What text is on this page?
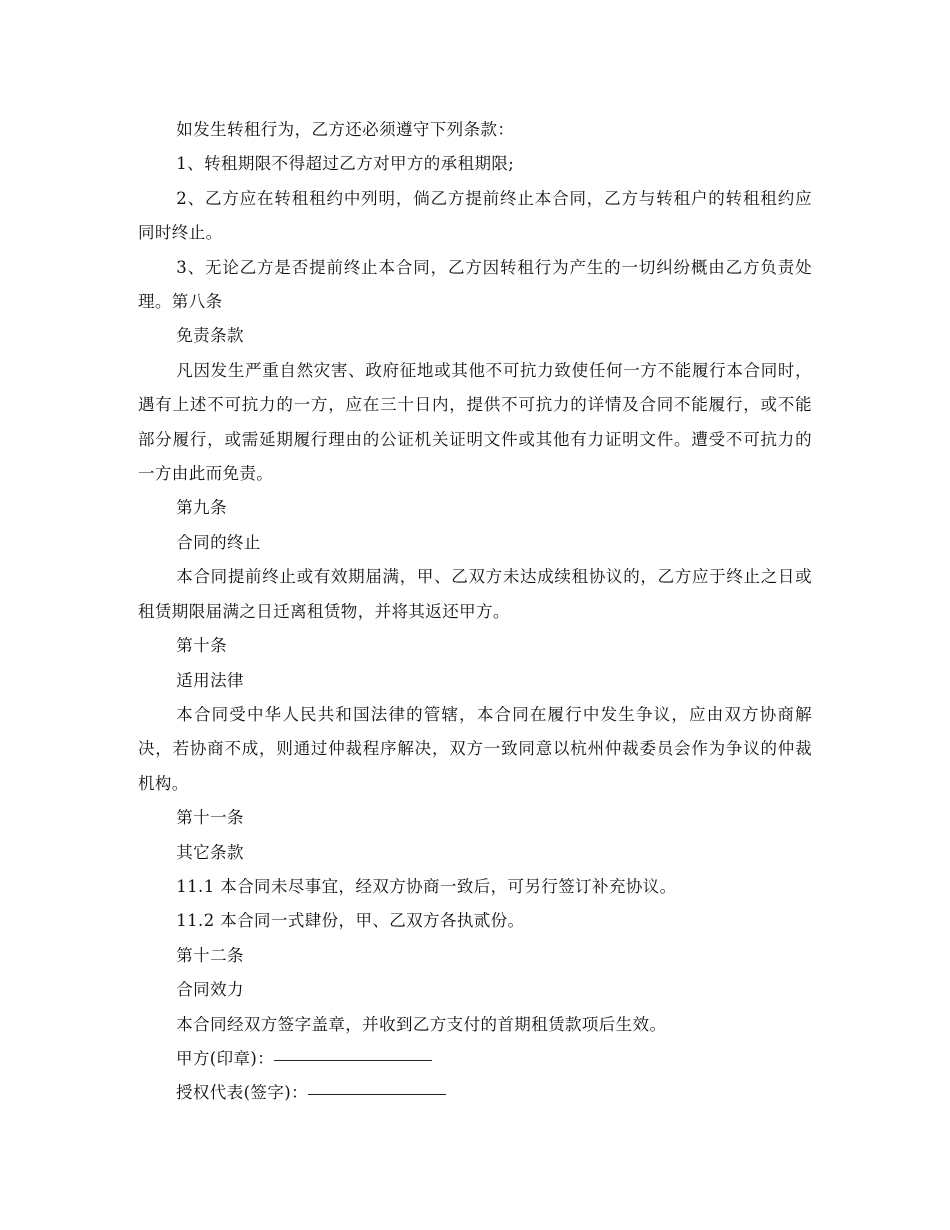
如发生转租行为，乙方还必须遵守下列条款：

1、转租期限不得超过乙方对甲方的承租期限;

2、乙方应在转租租约中列明，倘乙方提前终止本合同，乙方与转租户的转租租约应同时终止。

3、无论乙方是否提前终止本合同，乙方因转租行为产生的一切纠纷概由乙方负责处理。第八条

免责条款

凡因发生严重自然灾害、政府征地或其他不可抗力致使任何一方不能履行本合同时，遇有上述不可抗力的一方，应在三十日内，提供不可抗力的详情及合同不能履行，或不能部分履行，或需延期履行理由的公证机关证明文件或其他有力证明文件。遭受不可抗力的一方由此而免责。

第九条

合同的终止

本合同提前终止或有效期届满，甲、乙双方未达成续租协议的，乙方应于终止之日或租赁期限届满之日迁离租赁物，并将其返还甲方。

第十条

适用法律

本合同受中华人民共和国法律的管辖，本合同在履行中发生争议，应由双方协商解决，若协商不成，则通过仲裁程序解决，双方一致同意以杭州仲裁委员会作为争议的仲裁机构。

第十一条

其它条款

11.1 本合同未尽事宜，经双方协商一致后，可另行签订补充协议。

11.2 本合同一式肆份，甲、乙双方各执贰份。

第十二条

合同效力

本合同经双方签字盖章，并收到乙方支付的首期租赁款项后生效。

甲方(印章)：
授权代表(签字)：
